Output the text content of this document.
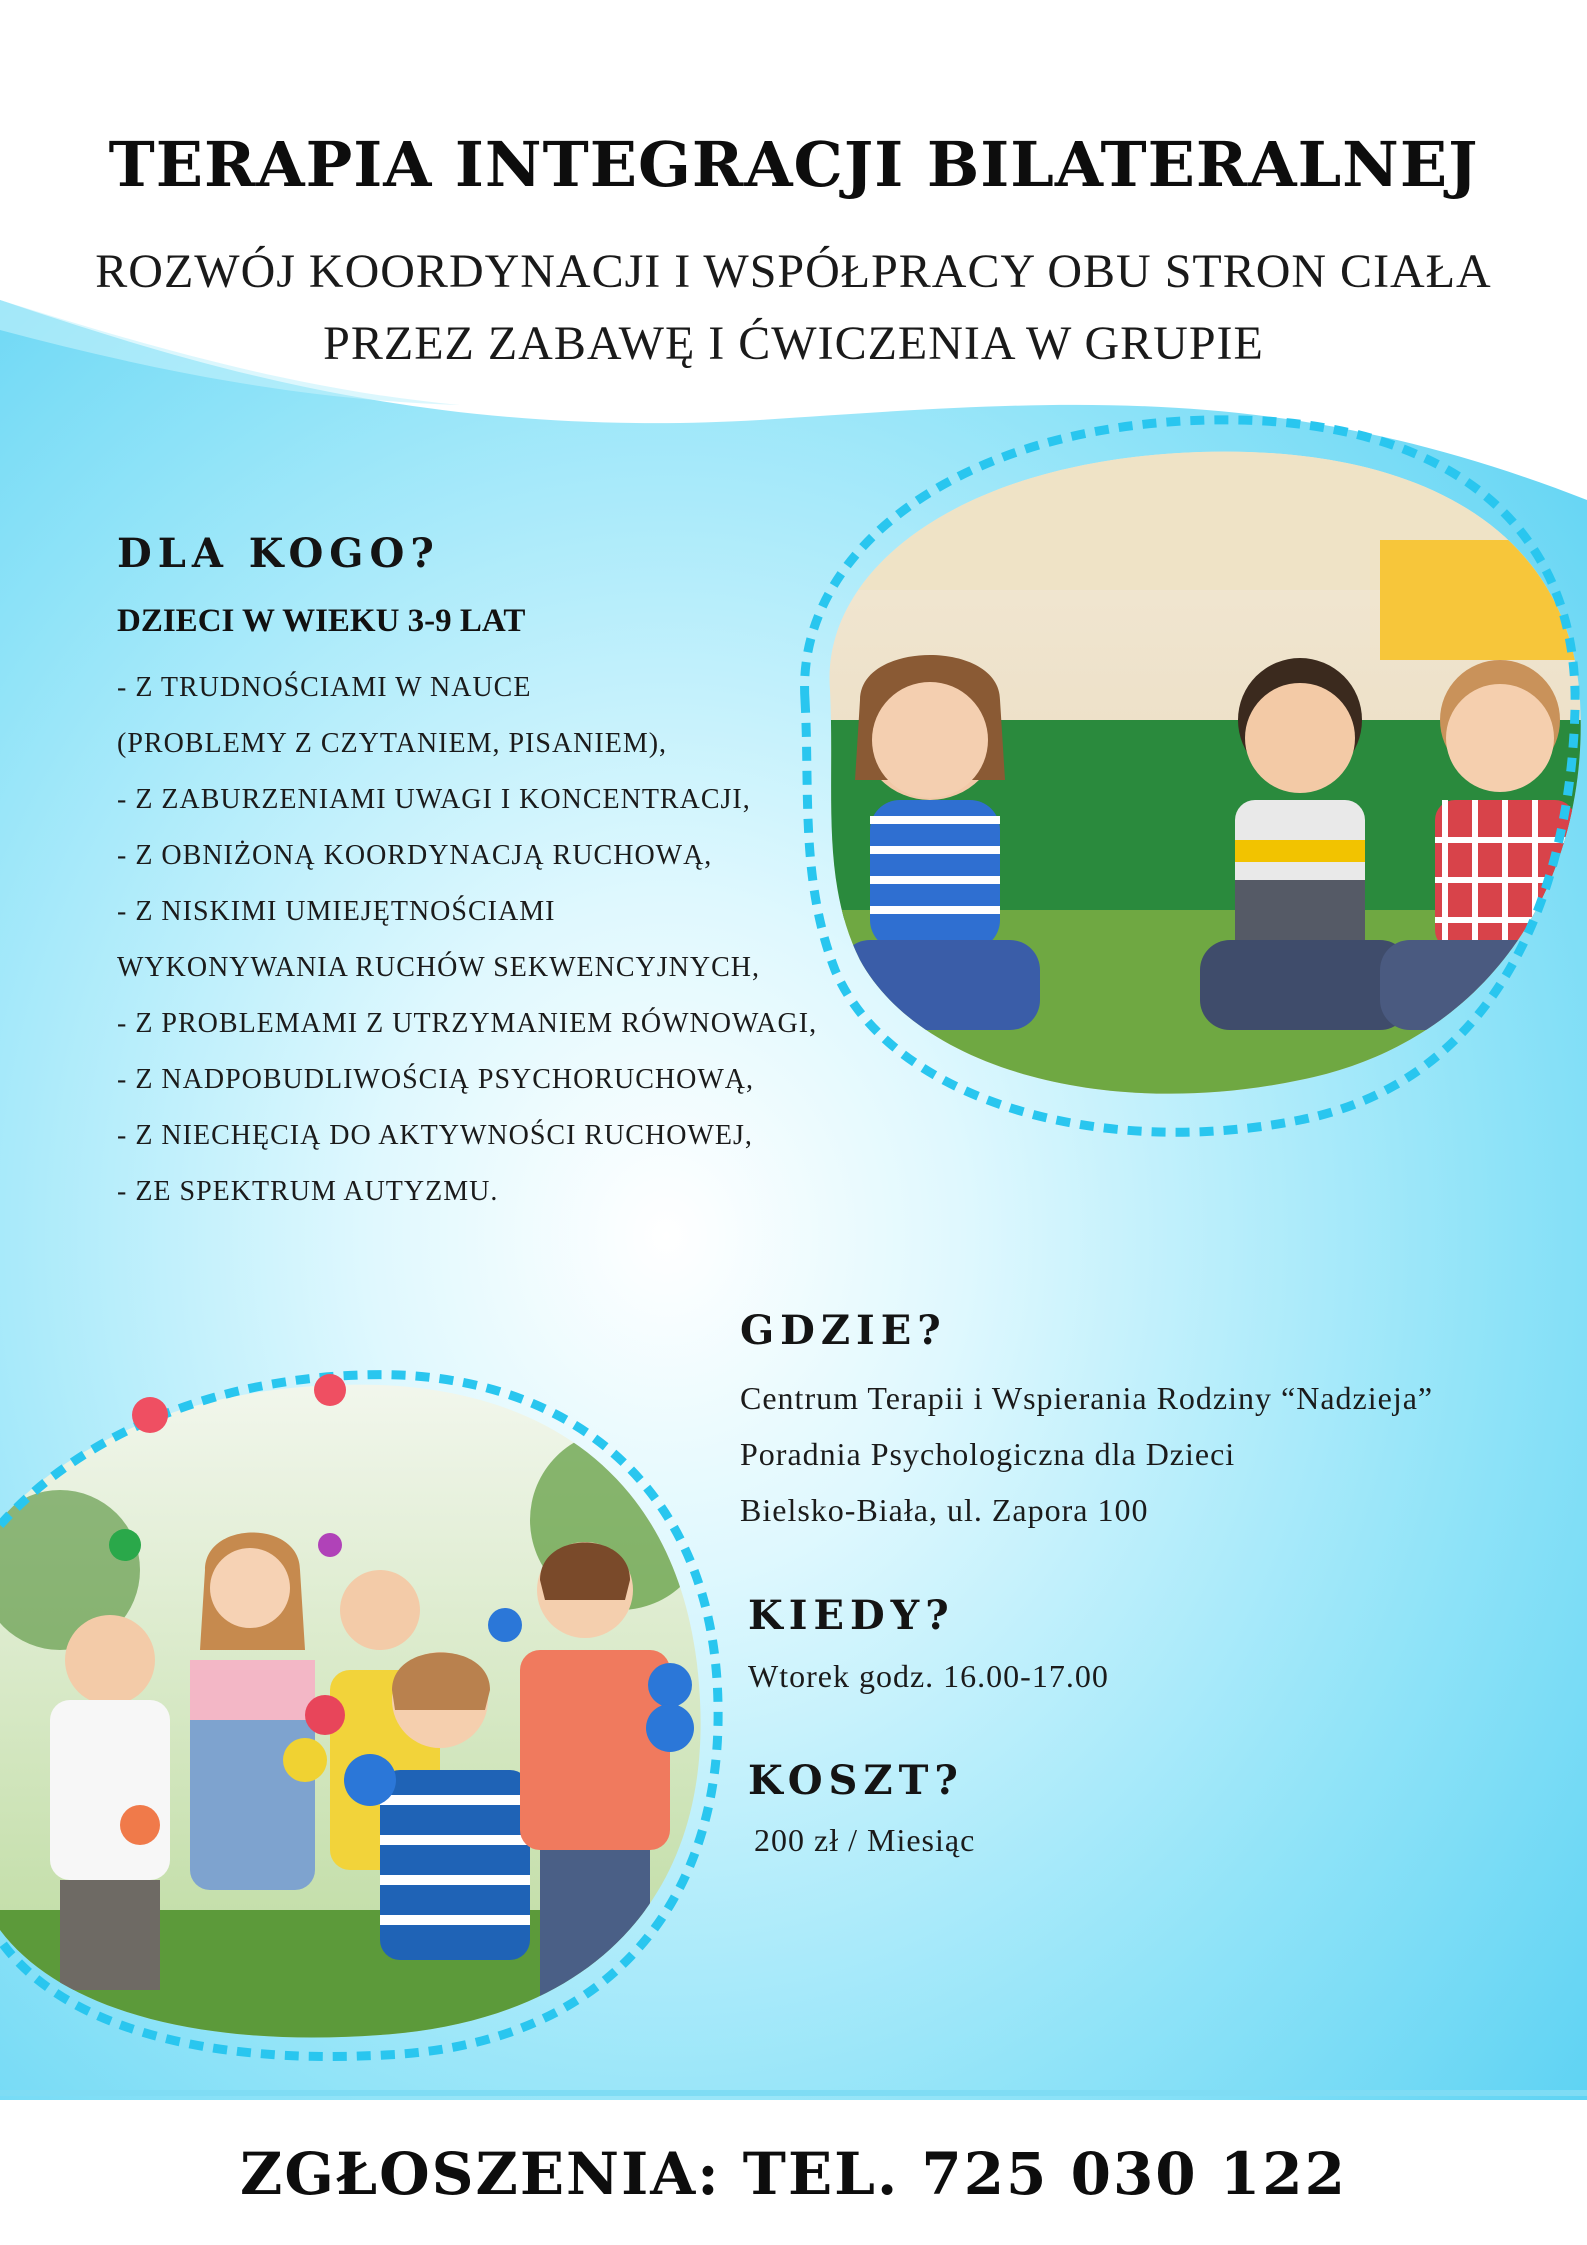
TERAPIA INTEGRACJI BILATERALNEJ

ROZWÓJ KOORDYNACJI I WSPÓŁPRACY OBU STRON CIAŁA

PRZEZ ZABAWĘ I ĆWICZENIA W GRUPIE

DLA KOGO?

DZIECI W WIEKU 3-9 LAT

- Z TRUDNOŚCIAMI W NAUCE
(PROBLEMY Z CZYTANIEM, PISANIEM),
- Z ZABURZENIAMI UWAGI I KONCENTRACJI,
- Z OBNIŻONĄ KOORDYNACJĄ RUCHOWĄ,
- Z NISKIMI UMIEJĘTNOŚCIAMI
WYKONYWANIA RUCHÓW SEKWENCYJNYCH,
- Z PROBLEMAMI Z UTRZYMANIEM RÓWNOWAGI,
- Z NADPOBUDLIWOŚCIĄ PSYCHORUCHOWĄ,
- Z NIECHĘCIĄ DO AKTYWNOŚCI RUCHOWEJ,
- ZE SPEKTRUM AUTYZMU.
GDZIE?

Centrum Terapii i Wspierania Rodziny “Nadzieja”

Poradnia Psychologiczna dla Dzieci

Bielsko-Biała, ul. Zapora 100

KIEDY?

Wtorek godz. 16.00-17.00

KOSZT?

200 zł / Miesiąc

ZGŁOSZENIA: TEL. 725 030 122
